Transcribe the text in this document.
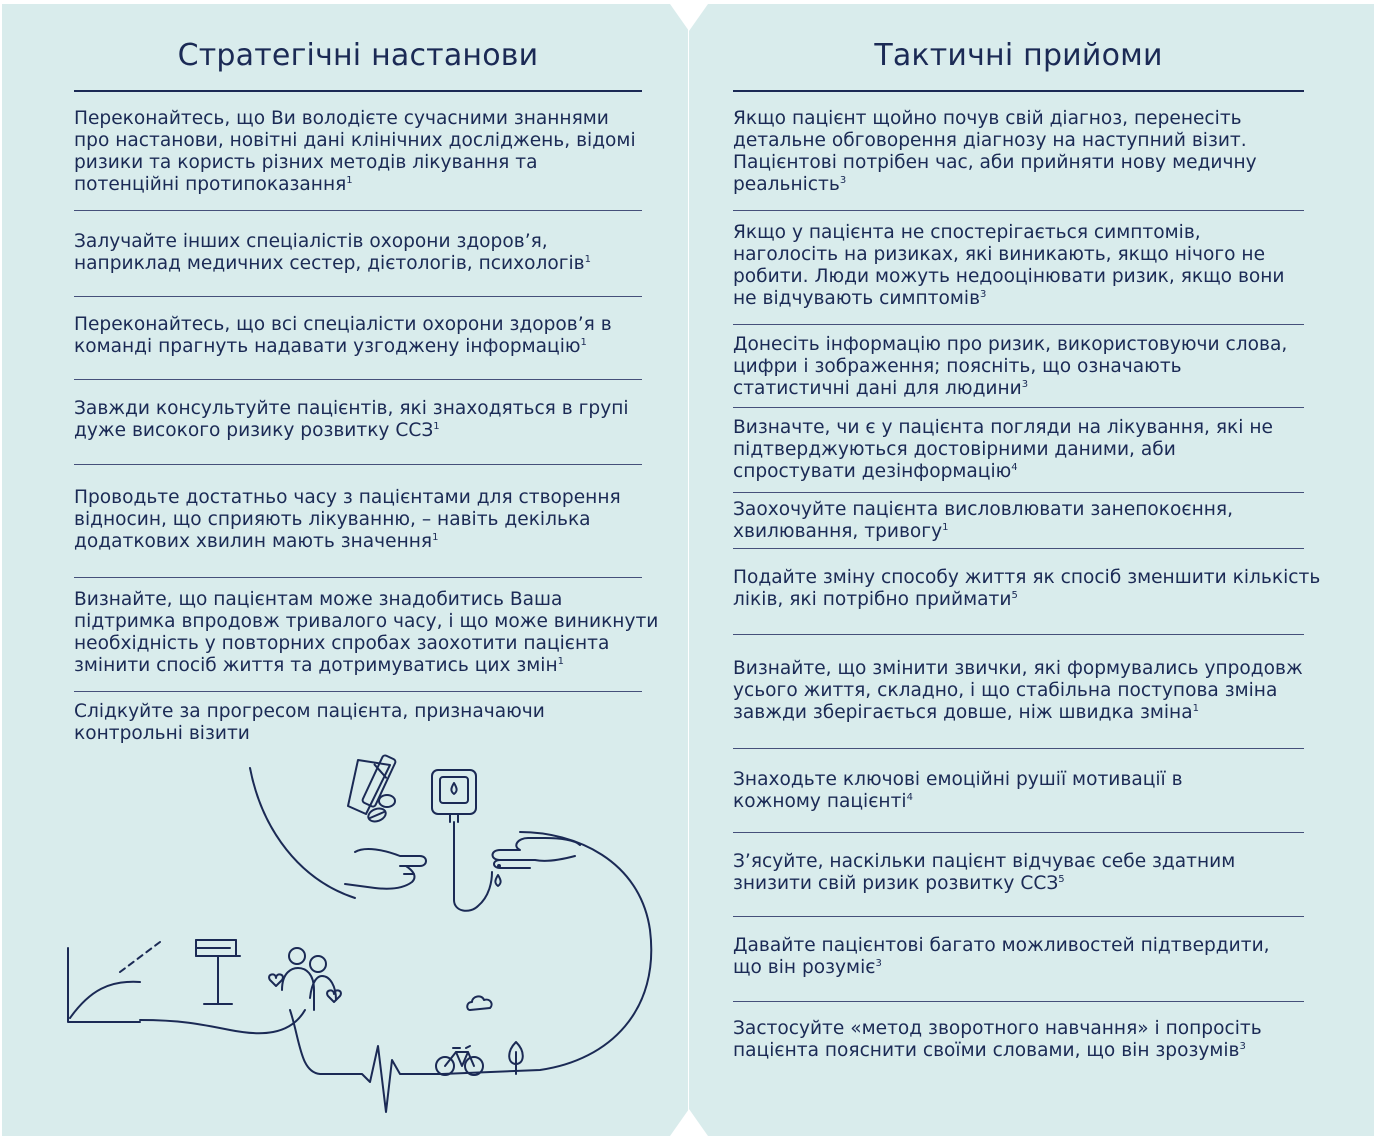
Стратегічні настанови
Переконайтесь, що Ви володієте сучасними знаннями
про настанови, новітні дані клінічних досліджень, відомі
ризики та користь різних методів лікування та
потенційні протипоказання$^1$
Залучайте інших спеціалістів охорони здоров’я,
наприклад медичних сестер, дієтологів, психологів$^1$
Переконайтесь, що всі спеціалісти охорони здоров’я в
команді прагнуть надавати узгоджену інформацію$^1$
Завжди консультуйте пацієнтів, які знаходяться в групі
дуже високого ризику розвитку ССЗ$^1$
Проводьте достатньо часу з пацієнтами для створення
відносин, що сприяють лікуванню, – навіть декілька
додаткових хвилин мають значення$^1$
Визнайте, що пацієнтам може знадобитись Ваша
підтримка впродовж тривалого часу, і що може виникнути
необхідність у повторних спробах заохотити пацієнта
змінити спосіб життя та дотримуватись цих змін$^1$
Слідкуйте за прогресом пацієнта, призначаючи
контрольні візити
Тактичні прийоми
Якщо пацієнт щойно почув свій діагноз, перенесіть
детальне обговорення діагнозу на наступний візит.
Пацієнтові потрібен час, аби прийняти нову медичну
реальність$^3$
Якщо у пацієнта не спостерігається симптомів,
наголосіть на ризиках, які виникають, якщо нічого не
робити. Люди можуть недооцінювати ризик, якщо вони
не відчувають симптомів$^3$
Донесіть інформацію про ризик, використовуючи слова,
цифри і зображення; поясніть, що означають
статистичні дані для людини$^3$
Визначте, чи є у пацієнта погляди на лікування, які не
підтверджуються достовірними даними, аби
спростувати дезінформацію$^4$
Заохочуйте пацієнта висловлювати занепокоєння,
хвилювання, тривогу$^1$
Подайте зміну способу життя як спосіб зменшити кількість
ліків, які потрібно приймати$^5$
Визнайте, що змінити звички, які формувались упродовж
усього життя, складно, і що стабільна поступова зміна
завжди зберігається довше, ніж швидка зміна$^1$
Знаходьте ключові емоційні рушії мотивації в
кожному пацієнті$^4$
З’ясуйте, наскільки пацієнт відчуває себе здатним
знизити свій ризик розвитку ССЗ$^5$
Давайте пацієнтові багато можливостей підтвердити,
що він розуміє$^3$
Застосуйте «метод зворотного навчання» і попросіть
пацієнта пояснити своїми словами, що він зрозумів$^3$
